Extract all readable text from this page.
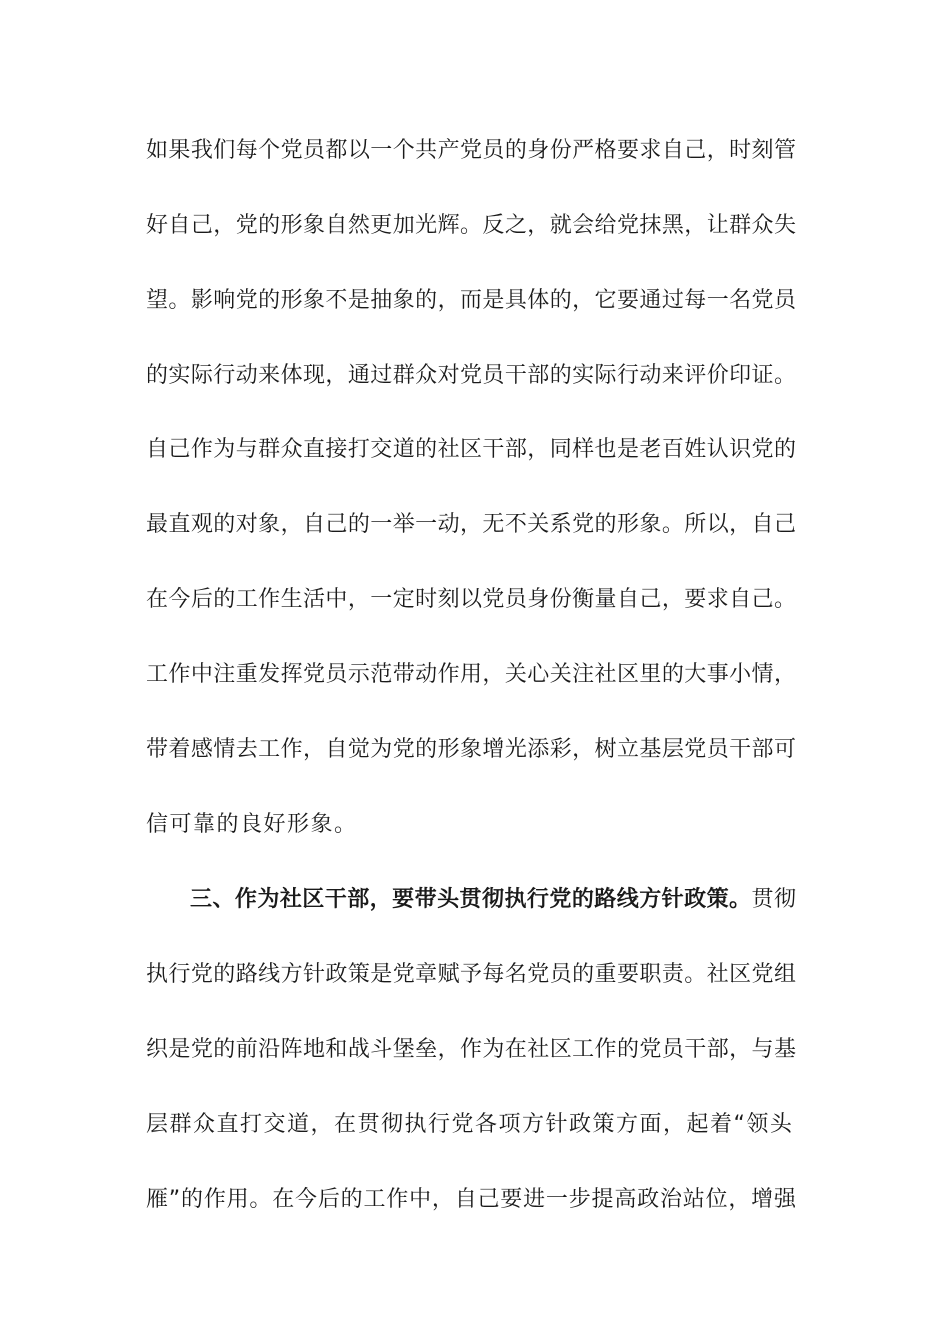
如果我们每个党员都以一个共产党员的身份严格要求自己，时刻管
好自己，党的形象自然更加光辉。反之，就会给党抹黑，让群众失
望。影响党的形象不是抽象的，而是具体的，它要通过每一名党员
的实际行动来体现，通过群众对党员干部的实际行动来评价印证。
自己作为与群众直接打交道的社区干部，同样也是老百姓认识党的
最直观的对象，自己的一举一动，无不关系党的形象。所以，自己
在今后的工作生活中，一定时刻以党员身份衡量自己，要求自己。
工作中注重发挥党员示范带动作用，关心关注社区里的大事小情，
带着感情去工作，自觉为党的形象增光添彩，树立基层党员干部可
信可靠的良好形象。
三、作为社区干部，要带头贯彻执行党的路线方针政策。贯彻
执行党的路线方针政策是党章赋予每名党员的重要职责。社区党组
织是党的前沿阵地和战斗堡垒，作为在社区工作的党员干部，与基
层群众直打交道，在贯彻执行党各项方针政策方面，起着“领头
雁”的作用。在今后的工作中，自己要进一步提高政治站位，增强
